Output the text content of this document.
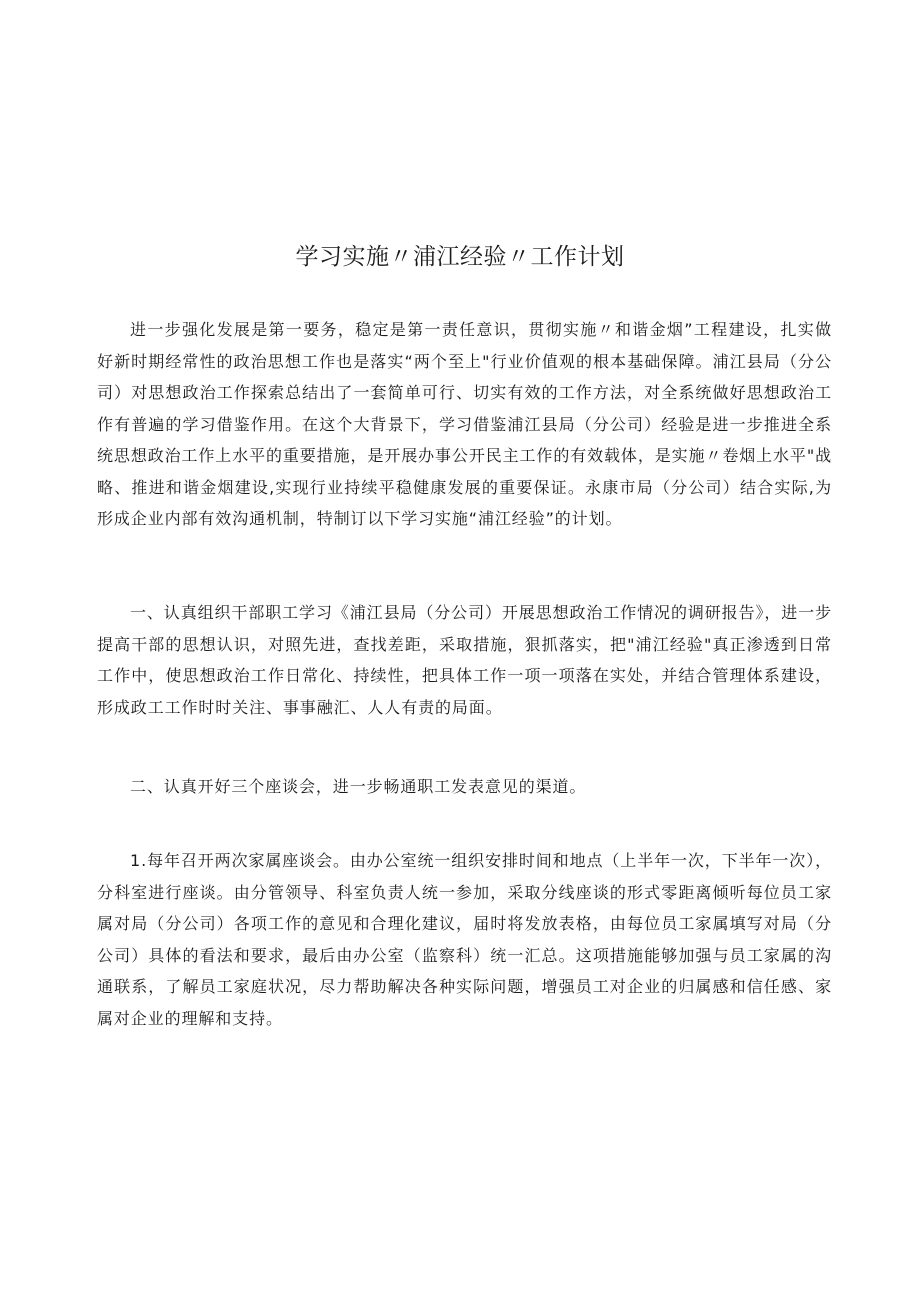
学习实施〃浦江经验〃工作计划

进一步强化发展是第一要务，稳定是第一责任意识，贯彻实施〃和谐金烟”工程建设，扎实做好新时期经常性的政治思想工作也是落实“两个至上"行业价值观的根本基础保障。浦江县局（分公司）对思想政治工作探索总结出了一套简单可行、切实有效的工作方法，对全系统做好思想政治工作有普遍的学习借鉴作用。在这个大背景下，学习借鉴浦江县局（分公司）经验是进一步推进全系统思想政治工作上水平的重要措施，是开展办事公开民主工作的有效载体，是实施〃卷烟上水平"战略、推进和谐金烟建设,实现行业持续平稳健康发展的重要保证。永康市局（分公司）结合实际,为形成企业内部有效沟通机制，特制订以下学习实施“浦江经验”的计划。

一、认真组织干部职工学习《浦江县局（分公司）开展思想政治工作情况的调研报告》，进一步提高干部的思想认识，对照先进，查找差距，采取措施，狠抓落实，把"浦江经验"真正渗透到日常工作中，使思想政治工作日常化、持续性，把具体工作一项一项落在实处，并结合管理体系建设，形成政工工作时时关注、事事融汇、人人有责的局面。

二、认真开好三个座谈会，进一步畅通职工发表意见的渠道。

1.每年召开两次家属座谈会。由办公室统一组织安排时间和地点（上半年一次，下半年一次），分科室进行座谈。由分管领导、科室负责人统一参加，采取分线座谈的形式零距离倾听每位员工家属对局（分公司）各项工作的意见和合理化建议，届时将发放表格，由每位员工家属填写对局（分公司）具体的看法和要求，最后由办公室（监察科）统一汇总。这项措施能够加强与员工家属的沟通联系，了解员工家庭状况，尽力帮助解决各种实际问题，增强员工对企业的归属感和信任感、家属对企业的理解和支持。
